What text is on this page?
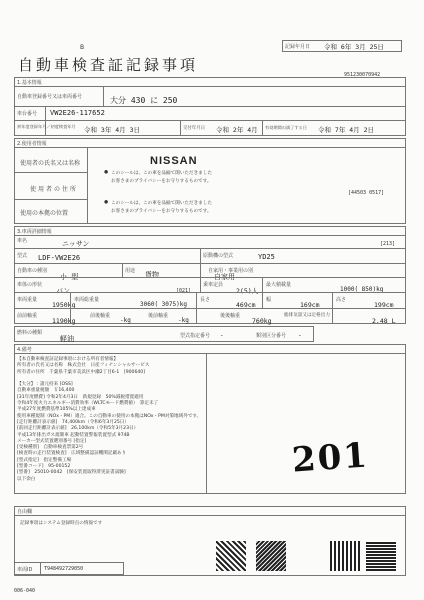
B
自動車検査証記録事項
記録年月日 令和 6年 3月 25日
951230070942
1.基本情報
自動車登録番号又は車両番号	大分 430 に 250
車台番号 VW2E26-117652
初年度登録年月／初度検査年月 令和 3年 4月 3日	交付年月日 令和 2年 4月 有効期間の満了する日 令和 7年 4月 2日
2.使用者情報
使用者の氏名又は名称
使用者の住所
使用の本拠の位置
NISSAN
● このシールは、この車を品揃て開いただきました
お客さまのプライバシーをお守りするものです。
[44503 0517]
● このシールは、この車を品揃て開いただきました
お客さまのプライバシーをお守りするものです。
3.車両詳細情報
車名	ニッサン	[213]
型式 LDF-VW2E26	原動機の型式	YD25
自動車の種別
小 型
用途 貨物	自家用・事業用の別
自家用
車体の形状
バン	[021]
乗車定員
2(5)人
最大積載量
1000( 850)kg
車両重量
1950kg
車両総重量
3060( 3075)kg
長さ
469cm
幅
169cm
高さ
199cm
前前軸重
1190kg
前後軸重
-kg
後前軸重
-kg
後後軸重
760kg
総排気量又は定格出力
2.48 L
燃料の種類
軽油	型式指定番号 -	類別区分番号 -
4.備考
【本自動車検査証記録事項における所有者情報】
所有者の氏名又は名称　株式会社　日産フィナンシャルサービス
所有者の住所　千葉県千葉市美浜区中瀬2丁目6-1　[900640]
【大分】 : 諸元持来 [OSS]
自動車重量税額　￥16,400
[31年度燃費] 令和2年4月3日　新規登録　50%減税措置適用
令和4年度火力エネルギー消費効率（WLTCモード燃費値）　算定未了
平成27年度燃費基準105%以上達成車
使用車種規制（NOx・PM）適合。この自動車の使用の本拠はNOx・PM対策地域外です。
[走行距離計表示値]　74,400km（令和6年3月25日）
[前回走行距離計表示値]　26,100km（令和5年3月23日）
平成13年排出ガス規制車 起動装置警報装置型式 974B
メーカー型式装置選別番号 [指定]
[受検種別]　自動車検査票第2号
[検査時の走行装置検査]　広域整備認証機関記載あり
[型式指定]　指定整備工場
[型番コード]　95-00152
[型番]　25010-0042　[保安装置取得済実証書試験]
以下余白	201
自由欄
記録事項はシステム登録時点の情報です
車両ID T948492729050
006-040
